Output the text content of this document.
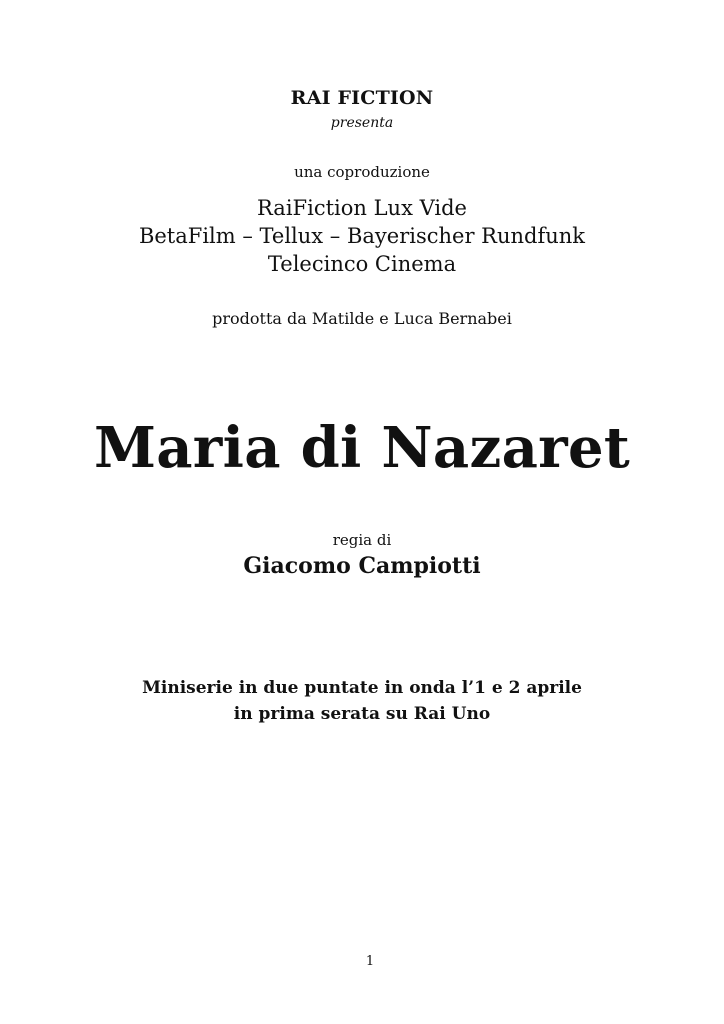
RAI FICTION
presenta
una coproduzione
RaiFiction Lux Vide
BetaFilm – Tellux – Bayerischer Rundfunk
Telecinco Cinema
prodotta da Matilde e Luca Bernabei
Maria di Nazaret
regia di
Giacomo Campiotti
Miniserie in due puntate in onda l’1 e 2 aprile
in prima serata su Rai Uno
1
